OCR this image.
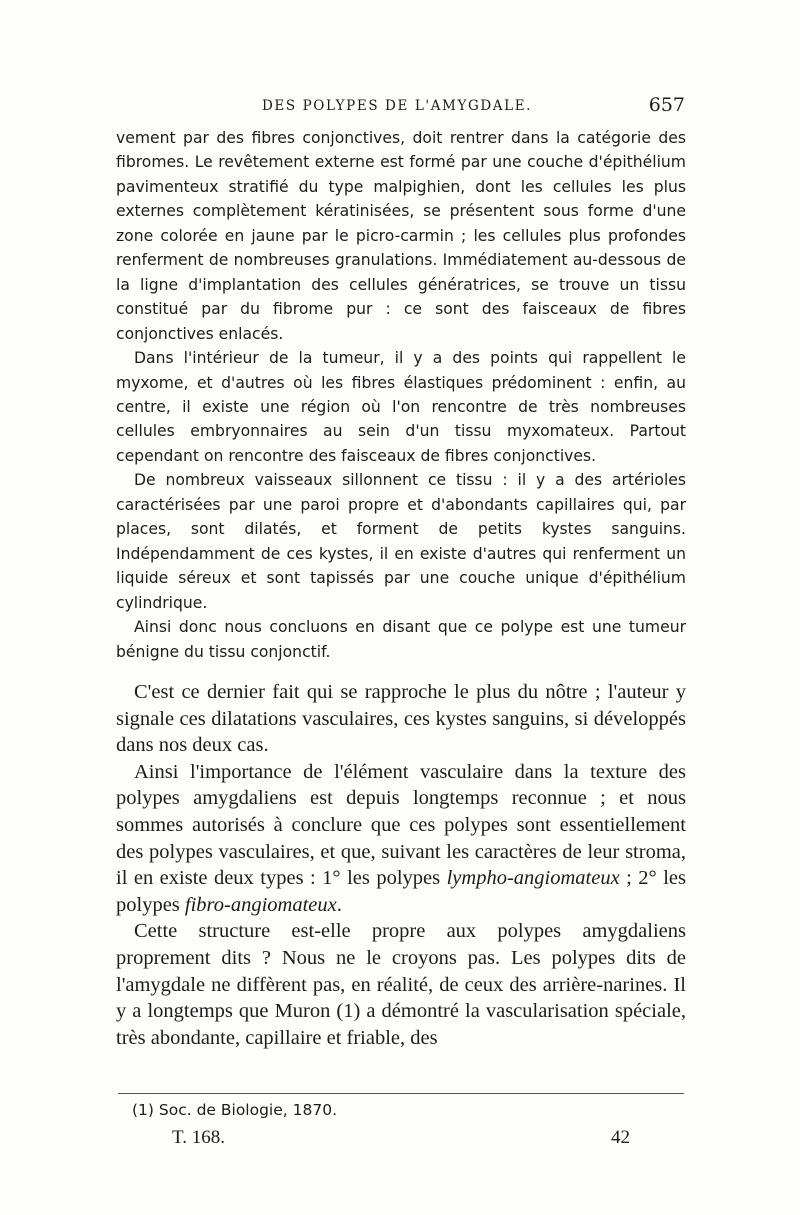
DES POLYPES DE L'AMYGDALE.	657

vement par des fibres conjonctives, doit rentrer dans la catégorie des fibromes. Le revêtement externe est formé par une couche d'épithélium pavimenteux stratifié du type malpighien, dont les cellules les plus externes complètement kératinisées, se présentent sous forme d'une zone colorée en jaune par le picro-carmin ; les cellules plus profondes renferment de nombreuses granulations. Immédiatement au-dessous de la ligne d'implantation des cellules génératrices, se trouve un tissu constitué par du fibrome pur : ce sont des faisceaux de fibres conjonctives enlacés.

Dans l'intérieur de la tumeur, il y a des points qui rappellent le myxome, et d'autres où les fibres élastiques prédominent : enfin, au centre, il existe une région où l'on rencontre de très nombreuses cellules embryonnaires au sein d'un tissu myxomateux. Partout cependant on rencontre des faisceaux de fibres conjonctives.

De nombreux vaisseaux sillonnent ce tissu : il y a des artérioles caractérisées par une paroi propre et d'abondants capillaires qui, par places, sont dilatés, et forment de petits kystes sanguins. Indépendamment de ces kystes, il en existe d'autres qui renferment un liquide séreux et sont tapissés par une couche unique d'épithélium cylindrique.

Ainsi donc nous concluons en disant que ce polype est une tumeur bénigne du tissu conjonctif.

C'est ce dernier fait qui se rapproche le plus du nôtre ; l'auteur y signale ces dilatations vasculaires, ces kystes sanguins, si développés dans nos deux cas.

Ainsi l'importance de l'élément vasculaire dans la texture des polypes amygdaliens est depuis longtemps reconnue ; et nous sommes autorisés à conclure que ces polypes sont essentiellement des polypes vasculaires, et que, suivant les caractères de leur stroma, il en existe deux types : 1° les polypes lympho-angiomateux ; 2° les polypes fibro-angiomateux.

Cette structure est-elle propre aux polypes amygdaliens proprement dits ? Nous ne le croyons pas. Les polypes dits de l'amygdale ne diffèrent pas, en réalité, de ceux des arrière-narines. Il y a longtemps que Muron (1) a démontré la vascularisation spéciale, très abondante, capillaire et friable, des

(1) Soc. de Biologie, 1870.
T. 168.	42
